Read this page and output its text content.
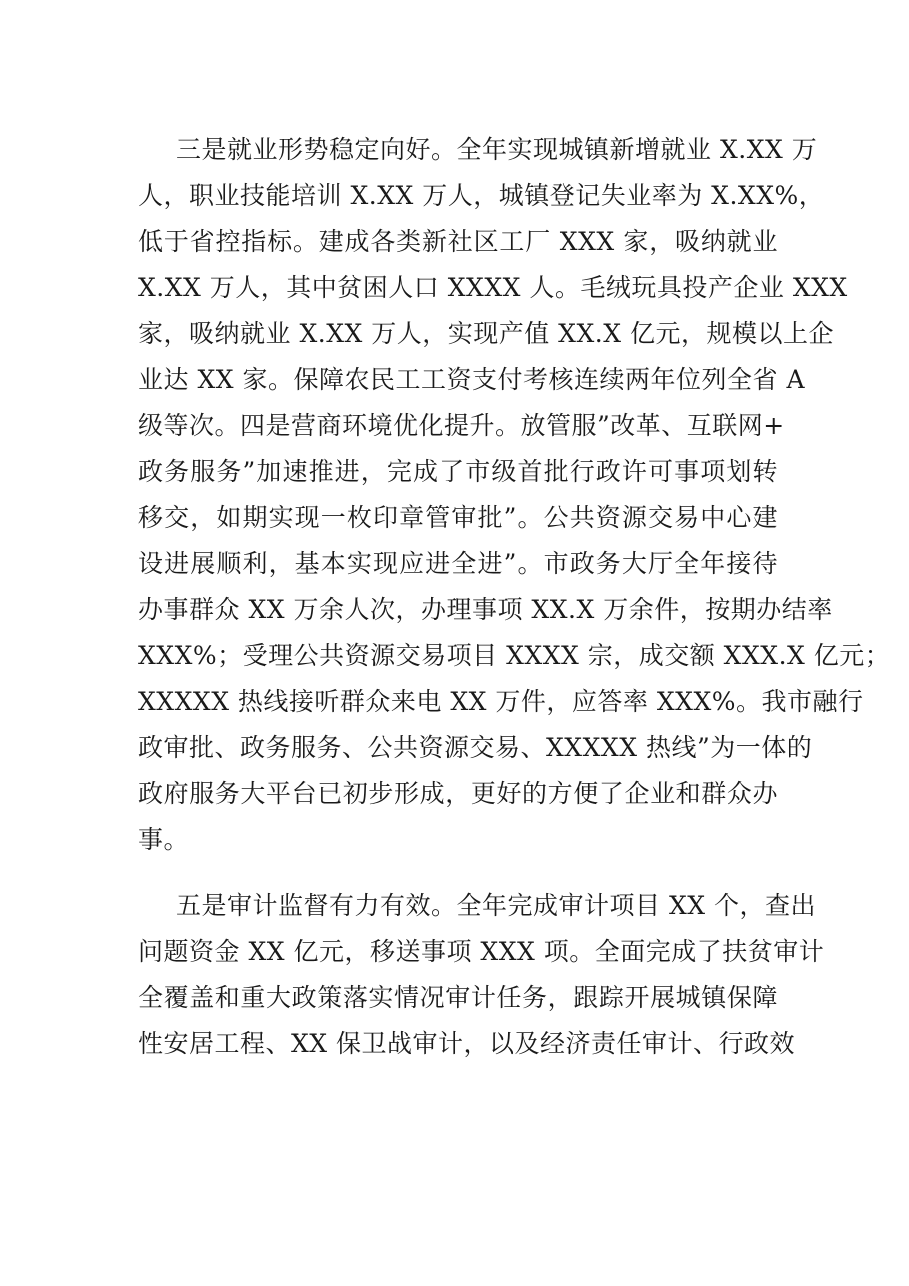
三是就业形势稳定向好。全年实现城镇新增就业 X.XX 万
人，职业技能培训 X.XX 万人，城镇登记失业率为 X.XX%，
低于省控指标。建成各类新社区工厂 XXX 家，吸纳就业
X.XX 万人，其中贫困人口 XXXX 人。毛绒玩具投产企业 XXX
家，吸纳就业 X.XX 万人，实现产值 XX.X 亿元，规模以上企
业达 XX 家。保障农民工工资支付考核连续两年位列全省 A
级等次。四是营商环境优化提升。放管服”改革、互联网+
政务服务”加速推进，完成了市级首批行政许可事项划转
移交，如期实现一枚印章管审批”。公共资源交易中心建
设进展顺利，基本实现应进全进”。市政务大厅全年接待
办事群众 XX 万余人次，办理事项 XX.X 万余件，按期办结率
XXX%；受理公共资源交易项目 XXXX 宗，成交额 XXX.X 亿元；
XXXXX 热线接听群众来电 XX 万件，应答率 XXX%。我市融行
政审批、政务服务、公共资源交易、XXXXX 热线”为一体的
政府服务大平台已初步形成，更好的方便了企业和群众办
事。
五是审计监督有力有效。全年完成审计项目 XX 个，查出
问题资金 XX 亿元，移送事项 XXX 项。全面完成了扶贫审计
全覆盖和重大政策落实情况审计任务，跟踪开展城镇保障
性安居工程、XX 保卫战审计，以及经济责任审计、行政效
